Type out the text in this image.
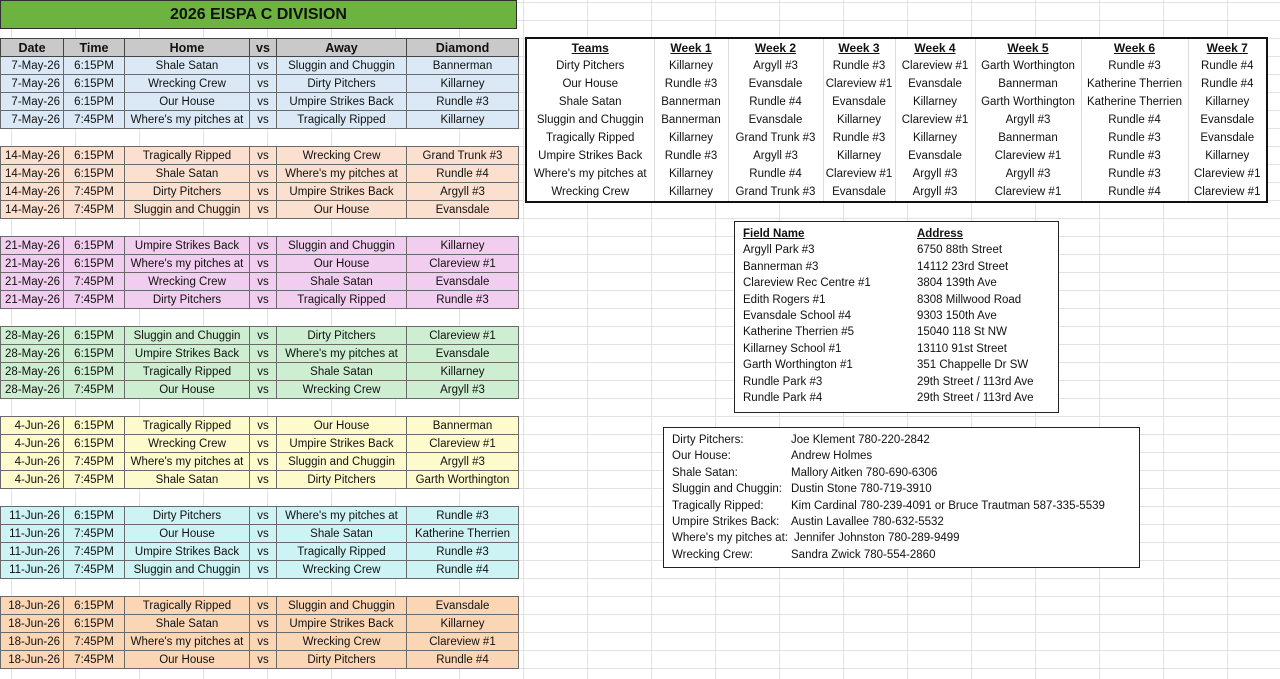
2026 EISPA C DIVISION
Date	Time	Home	vs	Away	Diamond
7-May-26	6:15PM	Shale Satan	vs	Sluggin and Chuggin	Bannerman
7-May-26	6:15PM	Wrecking Crew	vs	Dirty Pitchers	Killarney
7-May-26	6:15PM	Our House	vs	Umpire Strikes Back	Rundle #3
7-May-26	7:45PM	Where's my pitches at	vs	Tragically Ripped	Killarney

14-May-26	6:15PM	Tragically Ripped	vs	Wrecking Crew	Grand Trunk #3
14-May-26	6:15PM	Shale Satan	vs	Where's my pitches at	Rundle #4
14-May-26	7:45PM	Dirty Pitchers	vs	Umpire Strikes Back	Argyll #3
14-May-26	7:45PM	Sluggin and Chuggin	vs	Our House	Evansdale

21-May-26	6:15PM	Umpire Strikes Back	vs	Sluggin and Chuggin	Killarney
21-May-26	6:15PM	Where's my pitches at	vs	Our House	Clareview #1
21-May-26	7:45PM	Wrecking Crew	vs	Shale Satan	Evansdale
21-May-26	7:45PM	Dirty Pitchers	vs	Tragically Ripped	Rundle #3

28-May-26	6:15PM	Sluggin and Chuggin	vs	Dirty Pitchers	Clareview #1
28-May-26	6:15PM	Umpire Strikes Back	vs	Where's my pitches at	Evansdale
28-May-26	6:15PM	Tragically Ripped	vs	Shale Satan	Killarney
28-May-26	7:45PM	Our House	vs	Wrecking Crew	Argyll #3

4-Jun-26	6:15PM	Tragically Ripped	vs	Our House	Bannerman
4-Jun-26	6:15PM	Wrecking Crew	vs	Umpire Strikes Back	Clareview #1
4-Jun-26	7:45PM	Where's my pitches at	vs	Sluggin and Chuggin	Argyll #3
4-Jun-26	7:45PM	Shale Satan	vs	Dirty Pitchers	Garth Worthington

11-Jun-26	6:15PM	Dirty Pitchers	vs	Where's my pitches at	Rundle #3
11-Jun-26	7:45PM	Our House	vs	Shale Satan	Katherine Therrien
11-Jun-26	7:45PM	Umpire Strikes Back	vs	Tragically Ripped	Rundle #3
11-Jun-26	7:45PM	Sluggin and Chuggin	vs	Wrecking Crew	Rundle #4

18-Jun-26	6:15PM	Tragically Ripped	vs	Sluggin and Chuggin	Evansdale
18-Jun-26	6:15PM	Shale Satan	vs	Umpire Strikes Back	Killarney
18-Jun-26	7:45PM	Where's my pitches at	vs	Wrecking Crew	Clareview #1
18-Jun-26	7:45PM	Our House	vs	Dirty Pitchers	Rundle #4
Teams	Week 1	Week 2	Week 3	Week 4	Week 5	Week 6	Week 7
Dirty Pitchers	Killarney	Argyll #3	Rundle #3	Clareview #1	Garth Worthington	Rundle #3	Rundle #4
Our House	Rundle #3	Evansdale	Clareview #1	Evansdale	Bannerman	Katherine Therrien	Rundle #4
Shale Satan	Bannerman	Rundle #4	Evansdale	Killarney	Garth Worthington	Katherine Therrien	Killarney
Sluggin and Chuggin	Bannerman	Evansdale	Killarney	Clareview #1	Argyll #3	Rundle #4	Evansdale
Tragically Ripped	Killarney	Grand Trunk #3	Rundle #3	Killarney	Bannerman	Rundle #3	Evansdale
Umpire Strikes Back	Rundle #3	Argyll #3	Killarney	Evansdale	Clareview #1	Rundle #3	Killarney
Where's my pitches at	Killarney	Rundle #4	Clareview #1	Argyll #3	Argyll #3	Rundle #3	Clareview #1
Wrecking Crew	Killarney	Grand Trunk #3	Evansdale	Argyll #3	Clareview #1	Rundle #4	Clareview #1
Field Name	Address
Argyll Park #3	6750 88th Street
Bannerman #3	14112 23rd Street
Clareview Rec Centre #1	3804 139th Ave
Edith Rogers #1	8308 Millwood Road
Evansdale School #4	9303 150th Ave
Katherine Therrien #5	15040 118 St NW
Killarney School #1	13110 91st Street
Garth Worthington #1	351 Chappelle Dr SW
Rundle Park #3	29th Street / 113rd Ave
Rundle Park #4	29th Street / 113rd Ave
Dirty Pitchers:	Joe Klement 780-220-2842
Our House:	Andrew Holmes
Shale Satan:	Mallory Aitken 780-690-6306
Sluggin and Chuggin: Dustin Stone 780-719-3910
Tragically Ripped:	Kim Cardinal 780-239-4091 or Bruce Trautman 587-335-5539
Umpire Strikes Back:	Austin Lavallee 780-632-5532
Where's my pitches at: Jennifer Johnston 780-289-9499
Wrecking Crew:	Sandra Zwick 780-554-2860
